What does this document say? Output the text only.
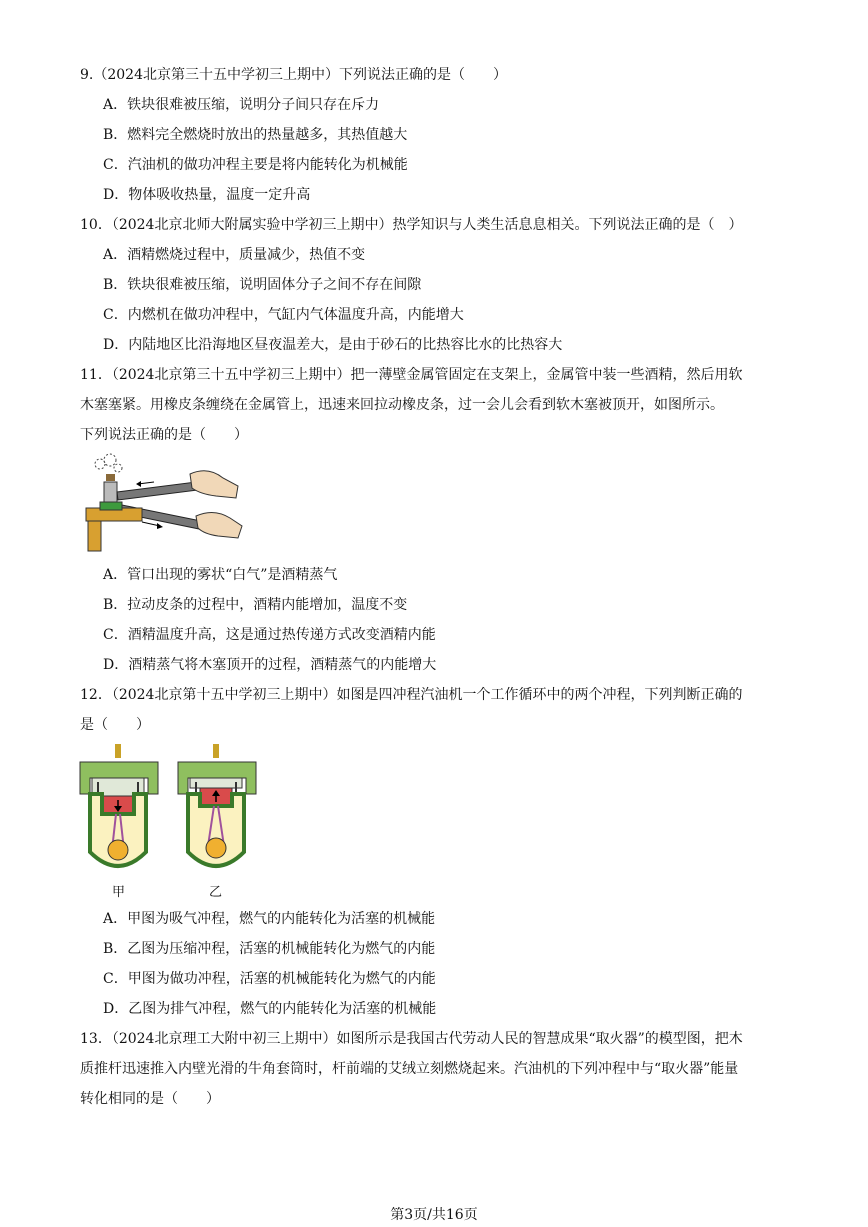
9.（2024北京第三十五中学初三上期中）下列说法正确的是（　　）
A．铁块很难被压缩，说明分子间只存在斥力
B．燃料完全燃烧时放出的热量越多，其热值越大
C．汽油机的做功冲程主要是将内能转化为机械能
D．物体吸收热量，温度一定升高
10．（2024北京北师大附属实验中学初三上期中）热学知识与人类生活息息相关。下列说法正确的是（　）
A．酒精燃烧过程中，质量减少，热值不变
B．铁块很难被压缩，说明固体分子之间不存在间隙
C．内燃机在做功冲程中，气缸内气体温度升高，内能增大
D．内陆地区比沿海地区昼夜温差大，是由于砂石的比热容比水的比热容大
11．（2024北京第三十五中学初三上期中）把一薄壁金属管固定在支架上，金属管中装一些酒精，然后用软
木塞塞紧。用橡皮条缠绕在金属管上，迅速来回拉动橡皮条，过一会儿会看到软木塞被顶开，如图所示。
下列说法正确的是（　　）
A．管口出现的雾状“白气”是酒精蒸气
B．拉动皮条的过程中，酒精内能增加，温度不变
C．酒精温度升高，这是通过热传递方式改变酒精内能
D．酒精蒸气将木塞顶开的过程，酒精蒸气的内能增大
12．（2024北京第十五中学初三上期中）如图是四冲程汽油机一个工作循环中的两个冲程，下列判断正确的
是（　　）
甲	乙
A．甲图为吸气冲程，燃气的内能转化为活塞的机械能
B．乙图为压缩冲程，活塞的机械能转化为燃气的内能
C．甲图为做功冲程，活塞的机械能转化为燃气的内能
D．乙图为排气冲程，燃气的内能转化为活塞的机械能
13．（2024北京理工大附中初三上期中）如图所示是我国古代劳动人民的智慧成果“取火器”的模型图，把木
质推杆迅速推入内壁光滑的牛角套筒时，杆前端的艾绒立刻燃烧起来。汽油机的下列冲程中与“取火器”能量
转化相同的是（　　）
第3页/共16页
